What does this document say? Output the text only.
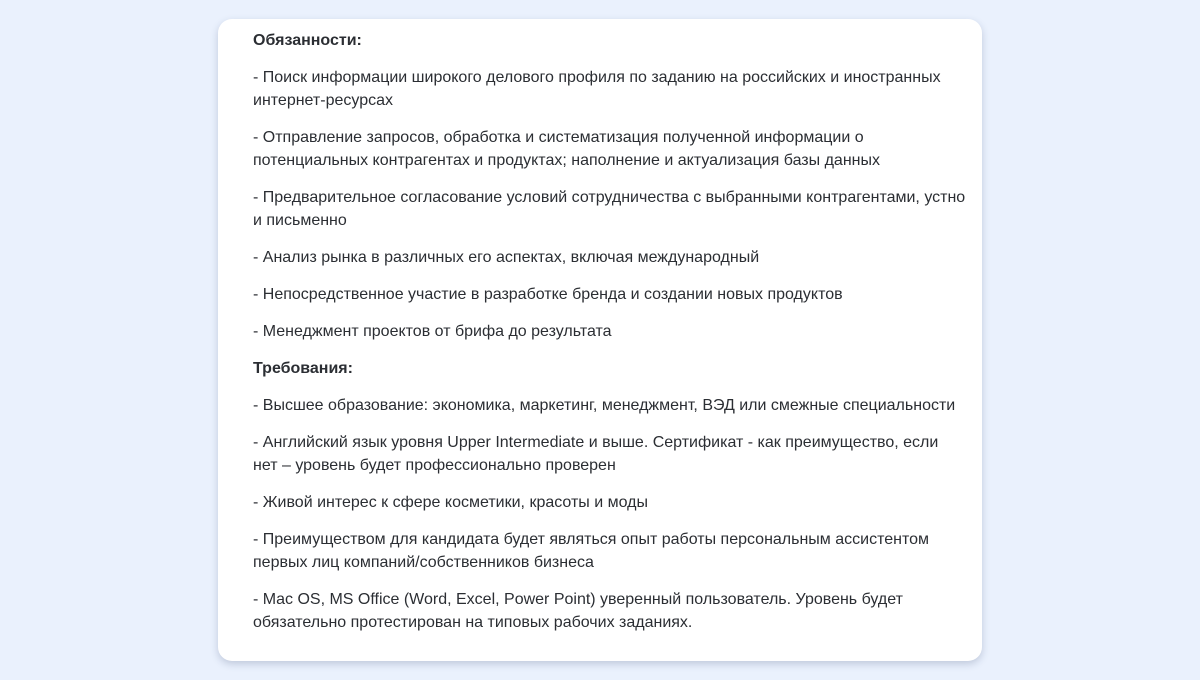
Обязанности:

- Поиск информации широкого делового профиля по заданию на российских и иностранных интернет-ресурсах

- Отправление запросов, обработка и систематизация полученной информации о потенциальных контрагентах и продуктах; наполнение и актуализация базы данных

- Предварительное согласование условий сотрудничества с выбранными контрагентами, устно и письменно

- Анализ рынка в различных его аспектах, включая международный

- Непосредственное участие в разработке бренда и создании новых продуктов

- Менеджмент проектов от брифа до результата

Требования:

- Высшее образование: экономика, маркетинг, менеджмент, ВЭД или смежные специальности

- Английский язык уровня Upper Intermediate и выше. Сертификат - как преимущество, если нет – уровень будет профессионально проверен

- Живой интерес к сфере косметики, красоты и моды

- Преимуществом для кандидата будет являться опыт работы персональным ассистентом первых лиц компаний/собственников бизнеса

- Mac OS, MS Office (Word, Excel, Power Point) уверенный пользователь. Уровень будет обязательно протестирован на типовых рабочих заданиях.
